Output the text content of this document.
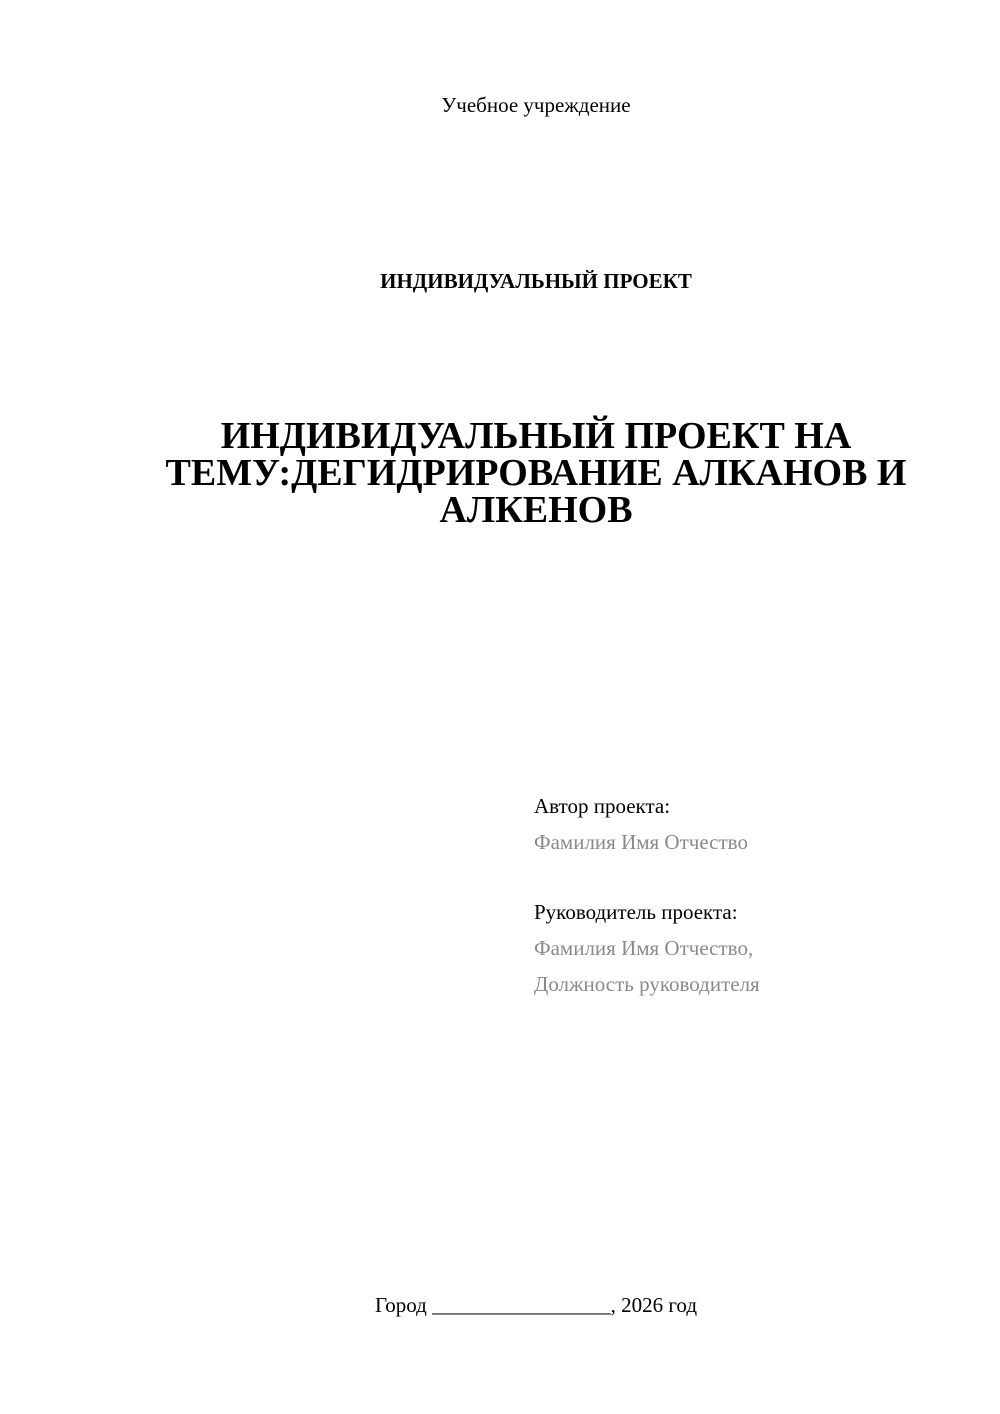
Учебное учреждение
ИНДИВИДУАЛЬНЫЙ ПРОЕКТ
ИНДИВИДУАЛЬНЫЙ ПРОЕКТ НА
ТЕМУ:ДЕГИДРИРОВАНИЕ АЛКАНОВ И
АЛКЕНОВ
Автор проекта:
Фамилия Имя Отчество
Руководитель проекта:
Фамилия Имя Отчество,
Должность руководителя
Город _________________, 2026 год
